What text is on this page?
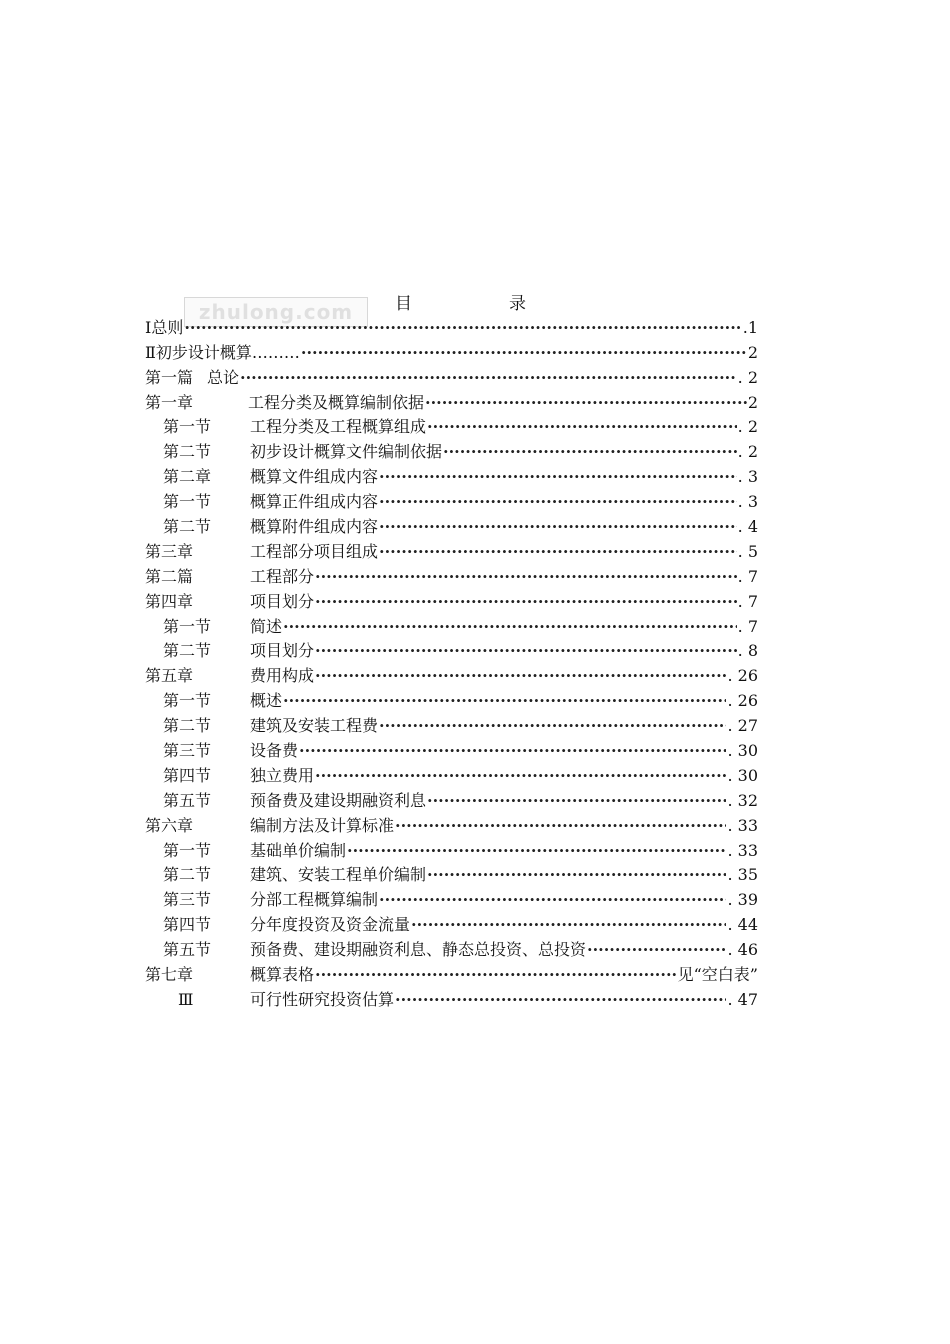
目　录
zhulong.com
Ⅰ总则 ·····	.1
Ⅱ初步设计概算……… ·····	2
第一篇 总论 ·····	. 2
第一章	工程分类及概算编制依据 ·····	2
第一节	工程分类及工程概算组成 ·····	. 2
第二节	初步设计概算文件编制依据 ·····	. 2
第二章	概算文件组成内容 ·····	. 3
第一节	概算正件组成内容 ·····	. 3
第二节	概算附件组成内容 ·····	. 4
第三章	工程部分项目组成 ·····	. 5
第二篇	工程部分 ·····	. 7
第四章	项目划分 ·····	. 7
第一节	简述 ·····	. 7
第二节	项目划分 ·····	. 8
第五章	费用构成 ·····	. 26
第一节	概述 ·····	. 26
第二节	建筑及安装工程费 ·····	. 27
第三节	设备费 ·····	. 30
第四节	独立费用 ·····	. 30
第五节	预备费及建设期融资利息 ·····	. 32
第六章	编制方法及计算标准 ·····	. 33
第一节	基础单价编制 ·····	. 33
第二节	建筑、安装工程单价编制 ·····	. 35
第三节	分部工程概算编制 ·····	. 39
第四节	分年度投资及资金流量 ·····	. 44
第五节	预备费、建设期融资利息、静态总投资、总投资 ·····	. 46
第七章	概算表格 ·····	见“空白表”
Ⅲ	可行性研究投资估算 ·····	. 47
